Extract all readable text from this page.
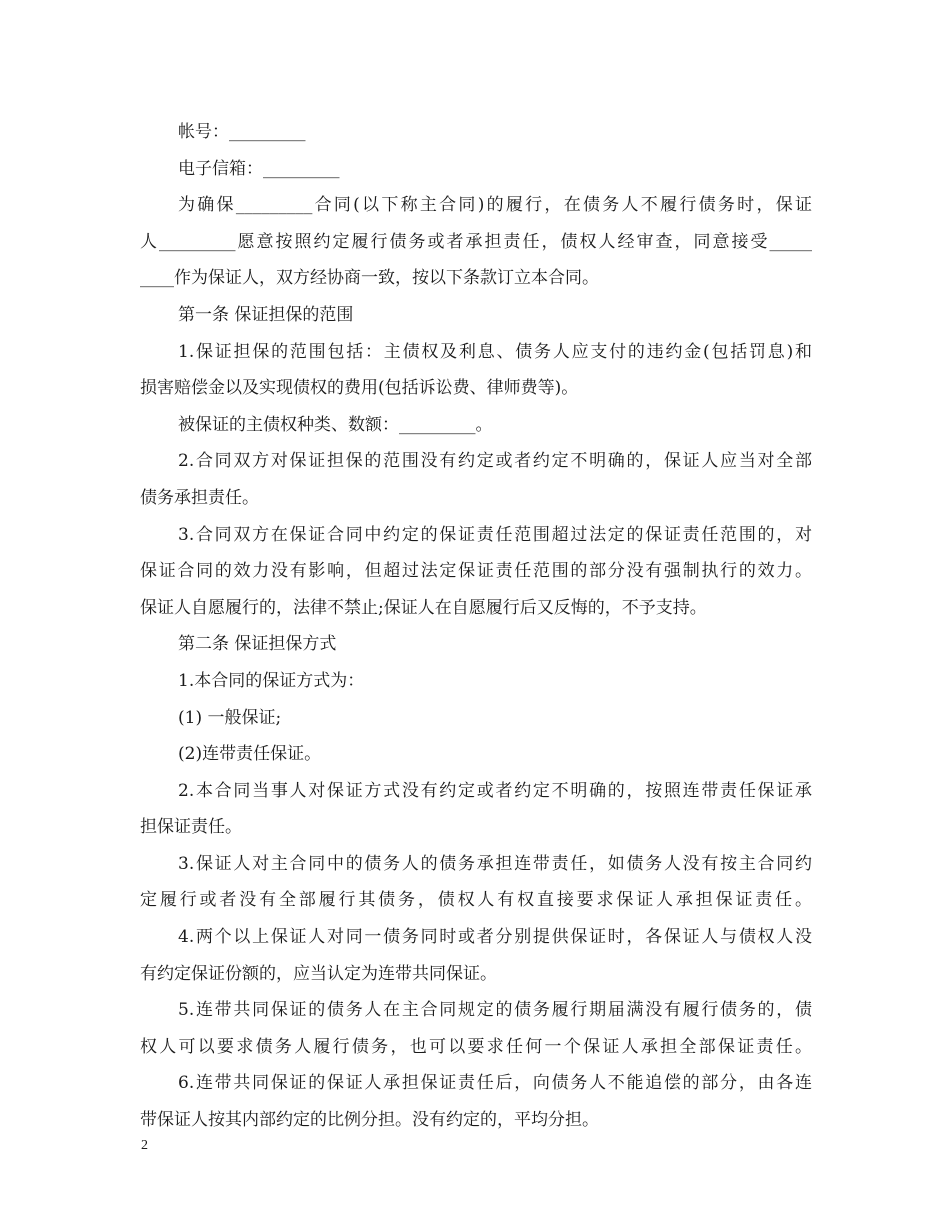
帐号：_________
电子信箱：_________
为确保_________合同(以下称主合同)的履行，在债务人不履行债务时，保证
人_________愿意按照约定履行债务或者承担责任，债权人经审查，同意接受_____
____作为保证人，双方经协商一致，按以下条款订立本合同。
第一条 保证担保的范围
1.保证担保的范围包括：主债权及利息、债务人应支付的违约金(包括罚息)和
损害赔偿金以及实现债权的费用(包括诉讼费、律师费等)。
被保证的主债权种类、数额：_________。
2.合同双方对保证担保的范围没有约定或者约定不明确的，保证人应当对全部
债务承担责任。
3.合同双方在保证合同中约定的保证责任范围超过法定的保证责任范围的，对
保证合同的效力没有影响，但超过法定保证责任范围的部分没有强制执行的效力。
保证人自愿履行的，法律不禁止;保证人在自愿履行后又反悔的，不予支持。
第二条 保证担保方式
1.本合同的保证方式为：
(1) 一般保证;
(2)连带责任保证。
2.本合同当事人对保证方式没有约定或者约定不明确的，按照连带责任保证承
担保证责任。
3.保证人对主合同中的债务人的债务承担连带责任，如债务人没有按主合同约
定履行或者没有全部履行其债务，债权人有权直接要求保证人承担保证责任。
4.两个以上保证人对同一债务同时或者分别提供保证时，各保证人与债权人没
有约定保证份额的，应当认定为连带共同保证。
5.连带共同保证的债务人在主合同规定的债务履行期届满没有履行债务的，债
权人可以要求债务人履行债务，也可以要求任何一个保证人承担全部保证责任。
6.连带共同保证的保证人承担保证责任后，向债务人不能追偿的部分，由各连
带保证人按其内部约定的比例分担。没有约定的，平均分担。
2
